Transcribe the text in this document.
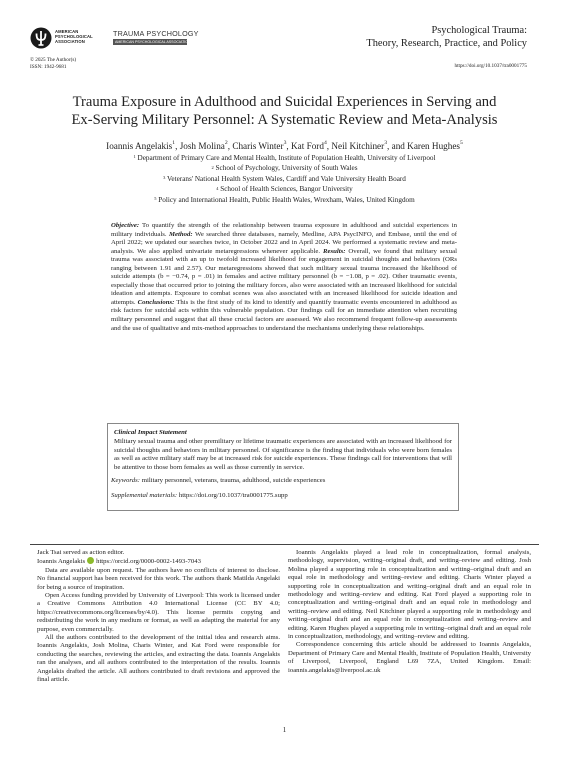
AMERICAN
PSYCHOLOGICAL
ASSOCIATION
TRAUMA PSYCHOLOGY
AMERICAN PSYCHOLOGICAL ASSOCIATION
Psychological Trauma:
Theory, Research, Practice, and Policy
© 2025 The Author(s)
ISSN: 1942-9681	https://doi.org/10.1037/tra0001775
Trauma Exposure in Adulthood and Suicidal Experiences in Serving and
Ex-Serving Military Personnel: A Systematic Review and Meta-Analysis
Ioannis Angelakis$^1$, Josh Molina$^2$, Charis Winter$^3$, Kat Ford$^4$, Neil Kitchiner$^3$, and Karen Hughes$^5$
$^1$ Department of Primary Care and Mental Health, Institute of Population Health, University of Liverpool
$^2$ School of Psychology, University of South Wales
$^3$ Veterans' National Health System Wales, Cardiff and Vale University Health Board
$^4$ School of Health Sciences, Bangor University
$^5$ Policy and International Health, Public Health Wales, Wrexham, Wales, United Kingdom
Objective: To quantify the strength of the relationship between trauma exposure in adulthood and suicidal experiences in military individuals. Method: We searched three databases, namely, Medline, APA PsycINFO, and Embase, until the end of April 2022; we updated our searches twice, in October 2022 and in April 2024. We performed a systematic review and meta-analysis. We also applied univariate metaregressions whenever applicable. Results: Overall, we found that military sexual trauma was associated with an up to twofold increased likelihood for engagement in suicidal thoughts and behaviors (ORs ranging between 1.91 and 2.57). Our metaregressions showed that such military sexual trauma increased the likelihood of suicide attempts (b = −0.74, p = .01) in females and active military personnel (b = −1.08, p = .02). Other traumatic events, especially those that occurred prior to joining the military forces, also were associated with an increased likelihood for suicidal ideation and attempts. Exposure to combat scenes was also associated with an increased likelihood for suicide ideation and attempts. Conclusions: This is the first study of its kind to identify and quantify traumatic events encountered in adulthood as risk factors for suicidal acts within this vulnerable population. Our findings call for an immediate attention when recruiting military personnel and suggest that all these crucial factors are assessed. We also recommend frequent follow-up assessments and the use of qualitative and mix-method approaches to understand the mechanisms underlying these relationships.
Clinical Impact Statement
Military sexual trauma and other premilitary or lifetime traumatic experiences are associated with an increased likelihood for suicidal thoughts and behaviors in military personnel. Of significance is the finding that individuals who were born females as well as active military staff may be at increased risk for suicide experiences. These findings call for interventions that will be attentive to those born females as well as those currently in service.
Keywords: military personnel, veterans, trauma, adulthood, suicide experiences
Supplemental materials: https://doi.org/10.1037/tra0001775.supp

Jack Tsai served as action editor.

Ioannis Angelakis https://orcid.org/0000-0002-1493-7043

Data are available upon request. The authors have no conflicts of interest to disclose. No financial support has been received for this work. The authors thank Matilda Angelaki for being a source of inspiration.

Open Access funding provided by University of Liverpool: This work is licensed under a Creative Commons Attribution 4.0 International License (CC BY 4.0; https://creativecommons.org/licenses/by/4.0). This license permits copying and redistributing the work in any medium or format, as well as adapting the material for any purpose, even commercially.

All the authors contributed to the development of the initial idea and research aims. Ioannis Angelakis, Josh Molina, Charis Winter, and Kat Ford were responsible for conducting the searches, reviewing the articles, and extracting the data. Ioannis Angelakis ran the analyses, and all authors contributed to the interpretation of the results. Ioannis Angelakis drafted the article. All authors contributed to draft revisions and approved the final article.

Ioannis Angelakis played a lead role in conceptualization, formal analysis, methodology, supervision, writing–original draft, and writing–review and editing. Josh Molina played a supporting role in conceptualization and writing–original draft and an equal role in methodology and writing–review and editing. Charis Winter played a supporting role in conceptualization and writing–original draft and an equal role in methodology and writing–review and editing. Kat Ford played a supporting role in conceptualization and writing–original draft and an equal role in methodology and writing–review and editing. Neil Kitchiner played a supporting role in methodology and writing–original draft and an equal role in conceptualization and writing–review and editing. Karen Hughes played a supporting role in writing–original draft and an equal role in conceptualization, methodology, and writing–review and editing.

Correspondence concerning this article should be addressed to Ioannis Angelakis, Department of Primary Care and Mental Health, Institute of Population Health, University of Liverpool, Liverpool, England L69 7ZA, United Kingdom. Email: ioannis.angelakis@liverpool.ac.uk

1
